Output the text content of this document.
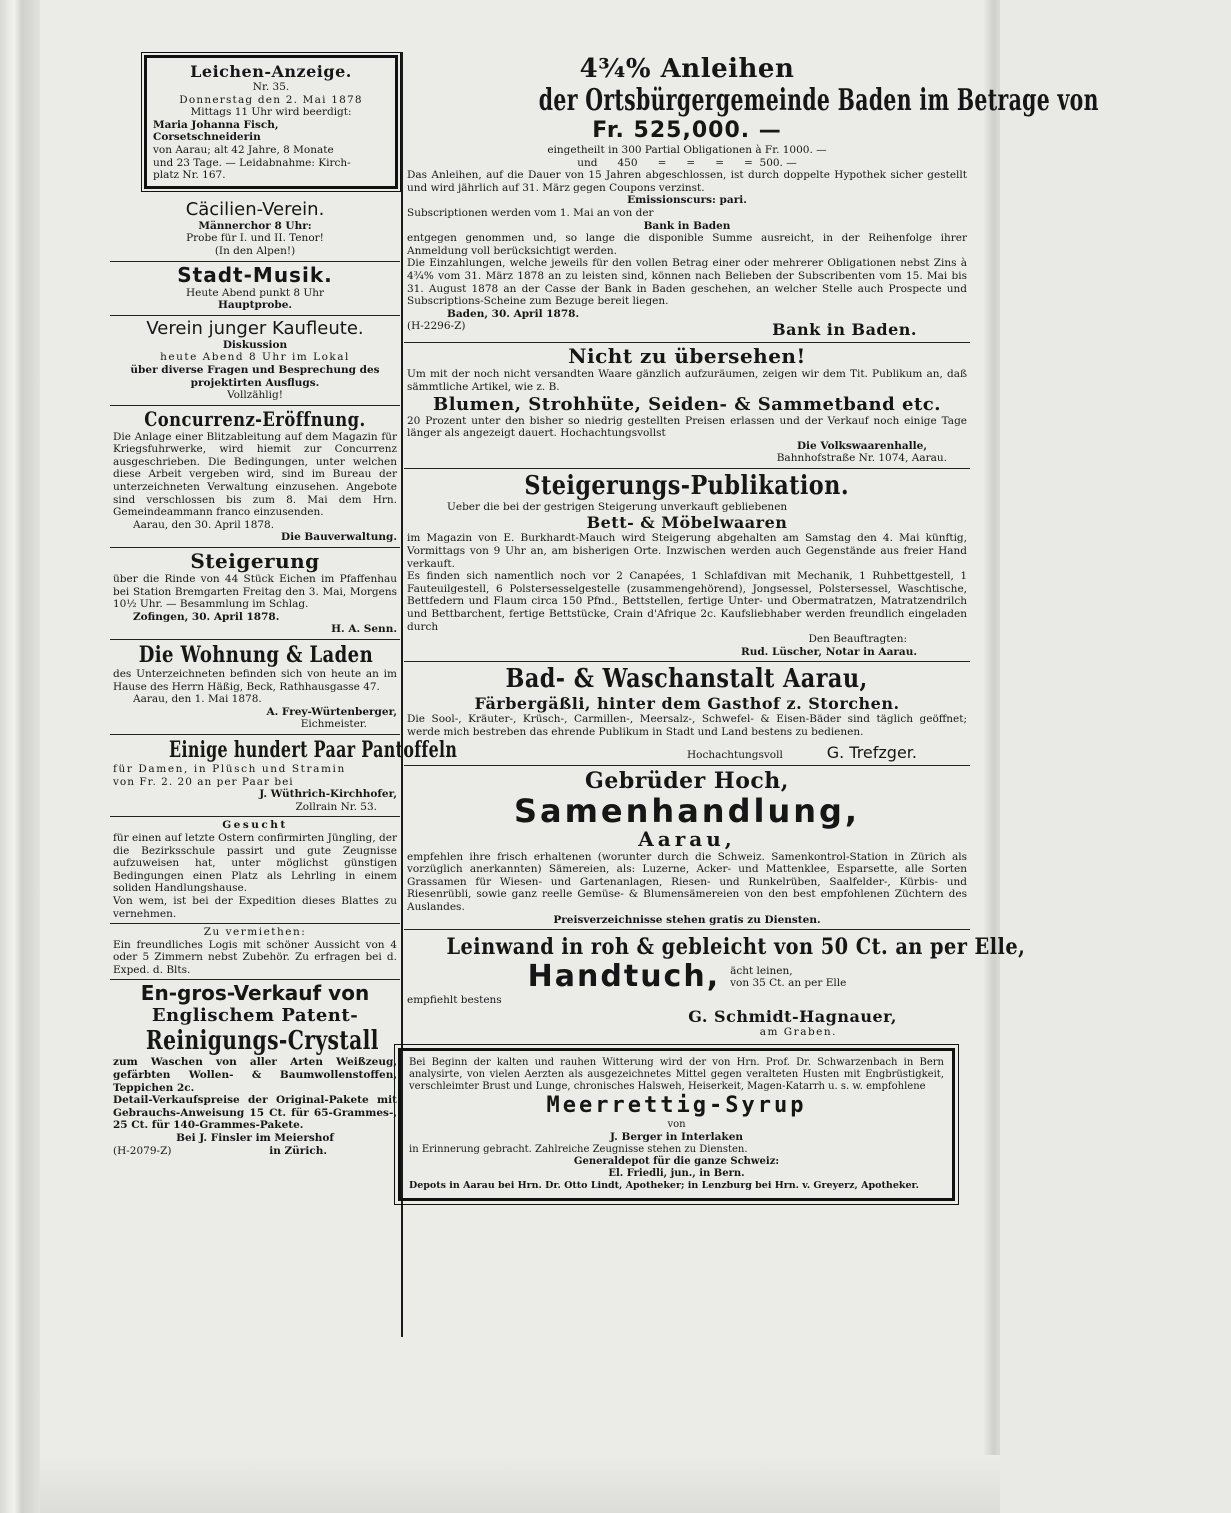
Leichen-Anzeige.

Nr. 35.

Donnerstag den 2. Mai 1878

Mittags 11 Uhr wird beerdigt:

Maria Johanna Fisch, Corsetschneiderin

von Aarau; alt 42 Jahre, 8 Monate

und 23 Tage. — Leidabnahme: Kirch-

platz Nr. 167.

Cäcilien-Verein.

Männerchor 8 Uhr:

Probe für I. und II. Tenor!

(In den Alpen!)

Stadt-Musik.

Heute Abend punkt 8 Uhr

Hauptprobe.

Verein junger Kaufleute.

Diskussion

heute Abend 8 Uhr im Lokal

über diverse Fragen und Besprechung des

projektirten Ausflugs.

Vollzählig!

Concurrenz-Eröffnung.

Die Anlage einer Blitzableitung auf dem Magazin für Kriegsfuhrwerke, wird hiemit zur Concurrenz ausgeschrieben. Die Bedingungen, unter welchen diese Arbeit vergeben wird, sind im Bureau der unterzeichneten Verwaltung einzusehen. Angebote sind verschlossen bis zum 8. Mai dem Hrn. Gemeindeammann franco einzusenden.

Aarau, den 30. April 1878.

Die Bauverwaltung.

Steigerung

über die Rinde von 44 Stück Eichen im Pfaffenhau bei Station Bremgarten Freitag den 3. Mai, Morgens 10½ Uhr. — Besammlung im Schlag.

Zofingen, 30. April 1878.

H. A. Senn.

Die Wohnung & Laden

des Unterzeichneten befinden sich von heute an im Hause des Herrn Häßig, Beck, Rathhausgasse 47.

Aarau, den 1. Mai 1878.

A. Frey-Würtenberger,

Eichmeister.

Einige hundert Paar Pantoffeln

für Damen, in Plüsch und Stramin

von Fr. 2. 20 an per Paar bei

J. Wüthrich-Kirchhofer,

Zollrain Nr. 53.

Gesucht

für einen auf letzte Ostern confirmirten Jüngling, der die Bezirksschule passirt und gute Zeugnisse aufzuweisen hat, unter möglichst günstigen Bedingungen einen Platz als Lehrling in einem soliden Handlungshause.

Von wem, ist bei der Expedition dieses Blattes zu vernehmen.

Zu vermiethen:

Ein freundliches Logis mit schöner Aussicht von 4 oder 5 Zimmern nebst Zubehör. Zu erfragen bei d. Exped. d. Blts.

En-gros-Verkauf von

Englischem Patent-

Reinigungs-Crystall

zum Waschen von aller Arten Weißzeug, gefärbten Wollen- & Baumwollenstoffen, Teppichen 2c.

Detail-Verkaufspreise der Original-Pakete mit Gebrauchs-Anweisung 15 Ct. für 65-Grammes-, 25 Ct. für 140-Grammes-Pakete.

Bei J. Finsler im Meiershof

(H-2079-Z)	in Zürich.

4¾% Anleihen

der Ortsbürgergemeinde Baden im Betrage von

Fr. 525,000. —

eingetheilt in 300 Partial Obligationen à Fr. 1000. —

und      450      =      =      =      =  500. —

Das Anleihen, auf die Dauer von 15 Jahren abgeschlossen, ist durch doppelte Hypothek sicher gestellt und wird jährlich auf 31. März gegen Coupons verzinst.

Emissionscurs: pari.

Subscriptionen werden vom 1. Mai an von der

Bank in Baden

entgegen genommen und, so lange die disponible Summe ausreicht, in der Reihenfolge ihrer Anmeldung voll berücksichtigt werden.

Die Einzahlungen, welche jeweils für den vollen Betrag einer oder mehrerer Obligationen nebst Zins à 4¾% vom 31. März 1878 an zu leisten sind, können nach Belieben der Subscribenten vom 15. Mai bis 31. August 1878 an der Casse der Bank in Baden geschehen, an welcher Stelle auch Prospecte und Subscriptions-Scheine zum Bezuge bereit liegen.

Baden, 30. April 1878.

(H-2296-Z)	Bank in Baden.

Nicht zu übersehen!

Um mit der noch nicht versandten Waare gänzlich aufzuräumen, zeigen wir dem Tit. Publikum an, daß sämmtliche Artikel, wie z. B.

Blumen, Strohhüte, Seiden- & Sammetband etc.

20 Prozent unter den bisher so niedrig gestellten Preisen erlassen und der Verkauf noch einige Tage länger als angezeigt dauert. Hochachtungsvollst

Die Volkswaarenhalle,

Bahnhofstraße Nr. 1074, Aarau.

Steigerungs-Publikation.

Ueber die bei der gestrigen Steigerung unverkauft gebliebenen

Bett- & Möbelwaaren

im Magazin von E. Burkhardt-Mauch wird Steigerung abgehalten am Samstag den 4. Mai künftig, Vormittags von 9 Uhr an, am bisherigen Orte. Inzwischen werden auch Gegenstände aus freier Hand verkauft.

Es finden sich namentlich noch vor 2 Canapées, 1 Schlafdivan mit Mechanik, 1 Ruhbettgestell, 1 Fauteuilgestell, 6 Polstersesselgestelle (zusammengehörend), Jongsessel, Polstersessel, Waschtische, Bettfedern und Flaum circa 150 Pfnd., Bettstellen, fertige Unter- und Obermatratzen, Matratzendrilch und Bettbarchent, fertige Bettstücke, Crain d'Afrique 2c. Kaufsliebhaber werden freundlich eingeladen durch

Den Beauftragten:

Rud. Lüscher, Notar in Aarau.

Bad- & Waschanstalt Aarau,

Färbergäßli, hinter dem Gasthof z. Storchen.

Die Sool-, Kräuter-, Krüsch-, Carmillen-, Meersalz-, Schwefel- & Eisen-Bäder sind täglich geöffnet; werde mich bestreben das ehrende Publikum in Stadt und Land bestens zu bedienen.

Hochachtungsvoll	G. Trefzger.

Gebrüder Hoch,

Samenhandlung,

Aarau,

empfehlen ihre frisch erhaltenen (worunter durch die Schweiz. Samenkontrol-Station in Zürich als vorzüglich anerkannten) Sämereien, als: Luzerne, Acker- und Mattenklee, Esparsette, alle Sorten Grassamen für Wiesen- und Gartenanlagen, Riesen- und Runkelrüben, Saalfelder-, Kürbis- und Riesenrübli, sowie ganz reelle Gemüse- & Blumensämereien von den best empfohlenen Züchtern des Auslandes.

Preisverzeichnisse stehen gratis zu Diensten.

Leinwand in roh & gebleicht von 50 Ct. an per Elle,

Handtuch, ächt leinen,
von 35 Ct. an per Elle

empfiehlt bestens

G. Schmidt-Hagnauer,

am Graben.

Bei Beginn der kalten und rauhen Witterung wird der von Hrn. Prof. Dr. Schwarzenbach in Bern analysirte, von vielen Aerzten als ausgezeichnetes Mittel gegen veralteten Husten mit Engbrüstigkeit, verschleimter Brust und Lunge, chronisches Halsweh, Heiserkeit, Magen-Katarrh u. s. w. empfohlene

Meerrettig-Syrup

von

J. Berger in Interlaken

in Erinnerung gebracht. Zahlreiche Zeugnisse stehen zu Diensten.

Generaldepot für die ganze Schweiz:

El. Friedli, jun., in Bern.

Depots in Aarau bei Hrn. Dr. Otto Lindt, Apotheker; in Lenzburg bei Hrn. v. Greyerz, Apotheker.
